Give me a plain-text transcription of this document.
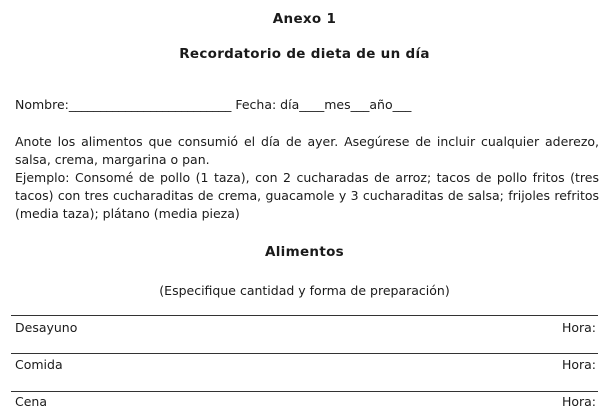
Anexo 1
Recordatorio de dieta de un día
Nombre:__________________________ Fecha: día____mes___año___
Anote los alimentos que consumió el día de ayer. Asegúrese de incluir cualquier aderezo, salsa, crema, margarina o pan.
Ejemplo: Consomé de pollo (1 taza), con 2 cucharadas de arroz; tacos de pollo fritos (tres tacos) con tres cucharaditas de crema, guacamole y 3 cucharaditas de salsa; frijoles refritos (media taza); plátano (media pieza)
Alimentos
(Especifique cantidad y forma de preparación)
Desayuno	Hora:
Comida	Hora:
Cena	Hora:
